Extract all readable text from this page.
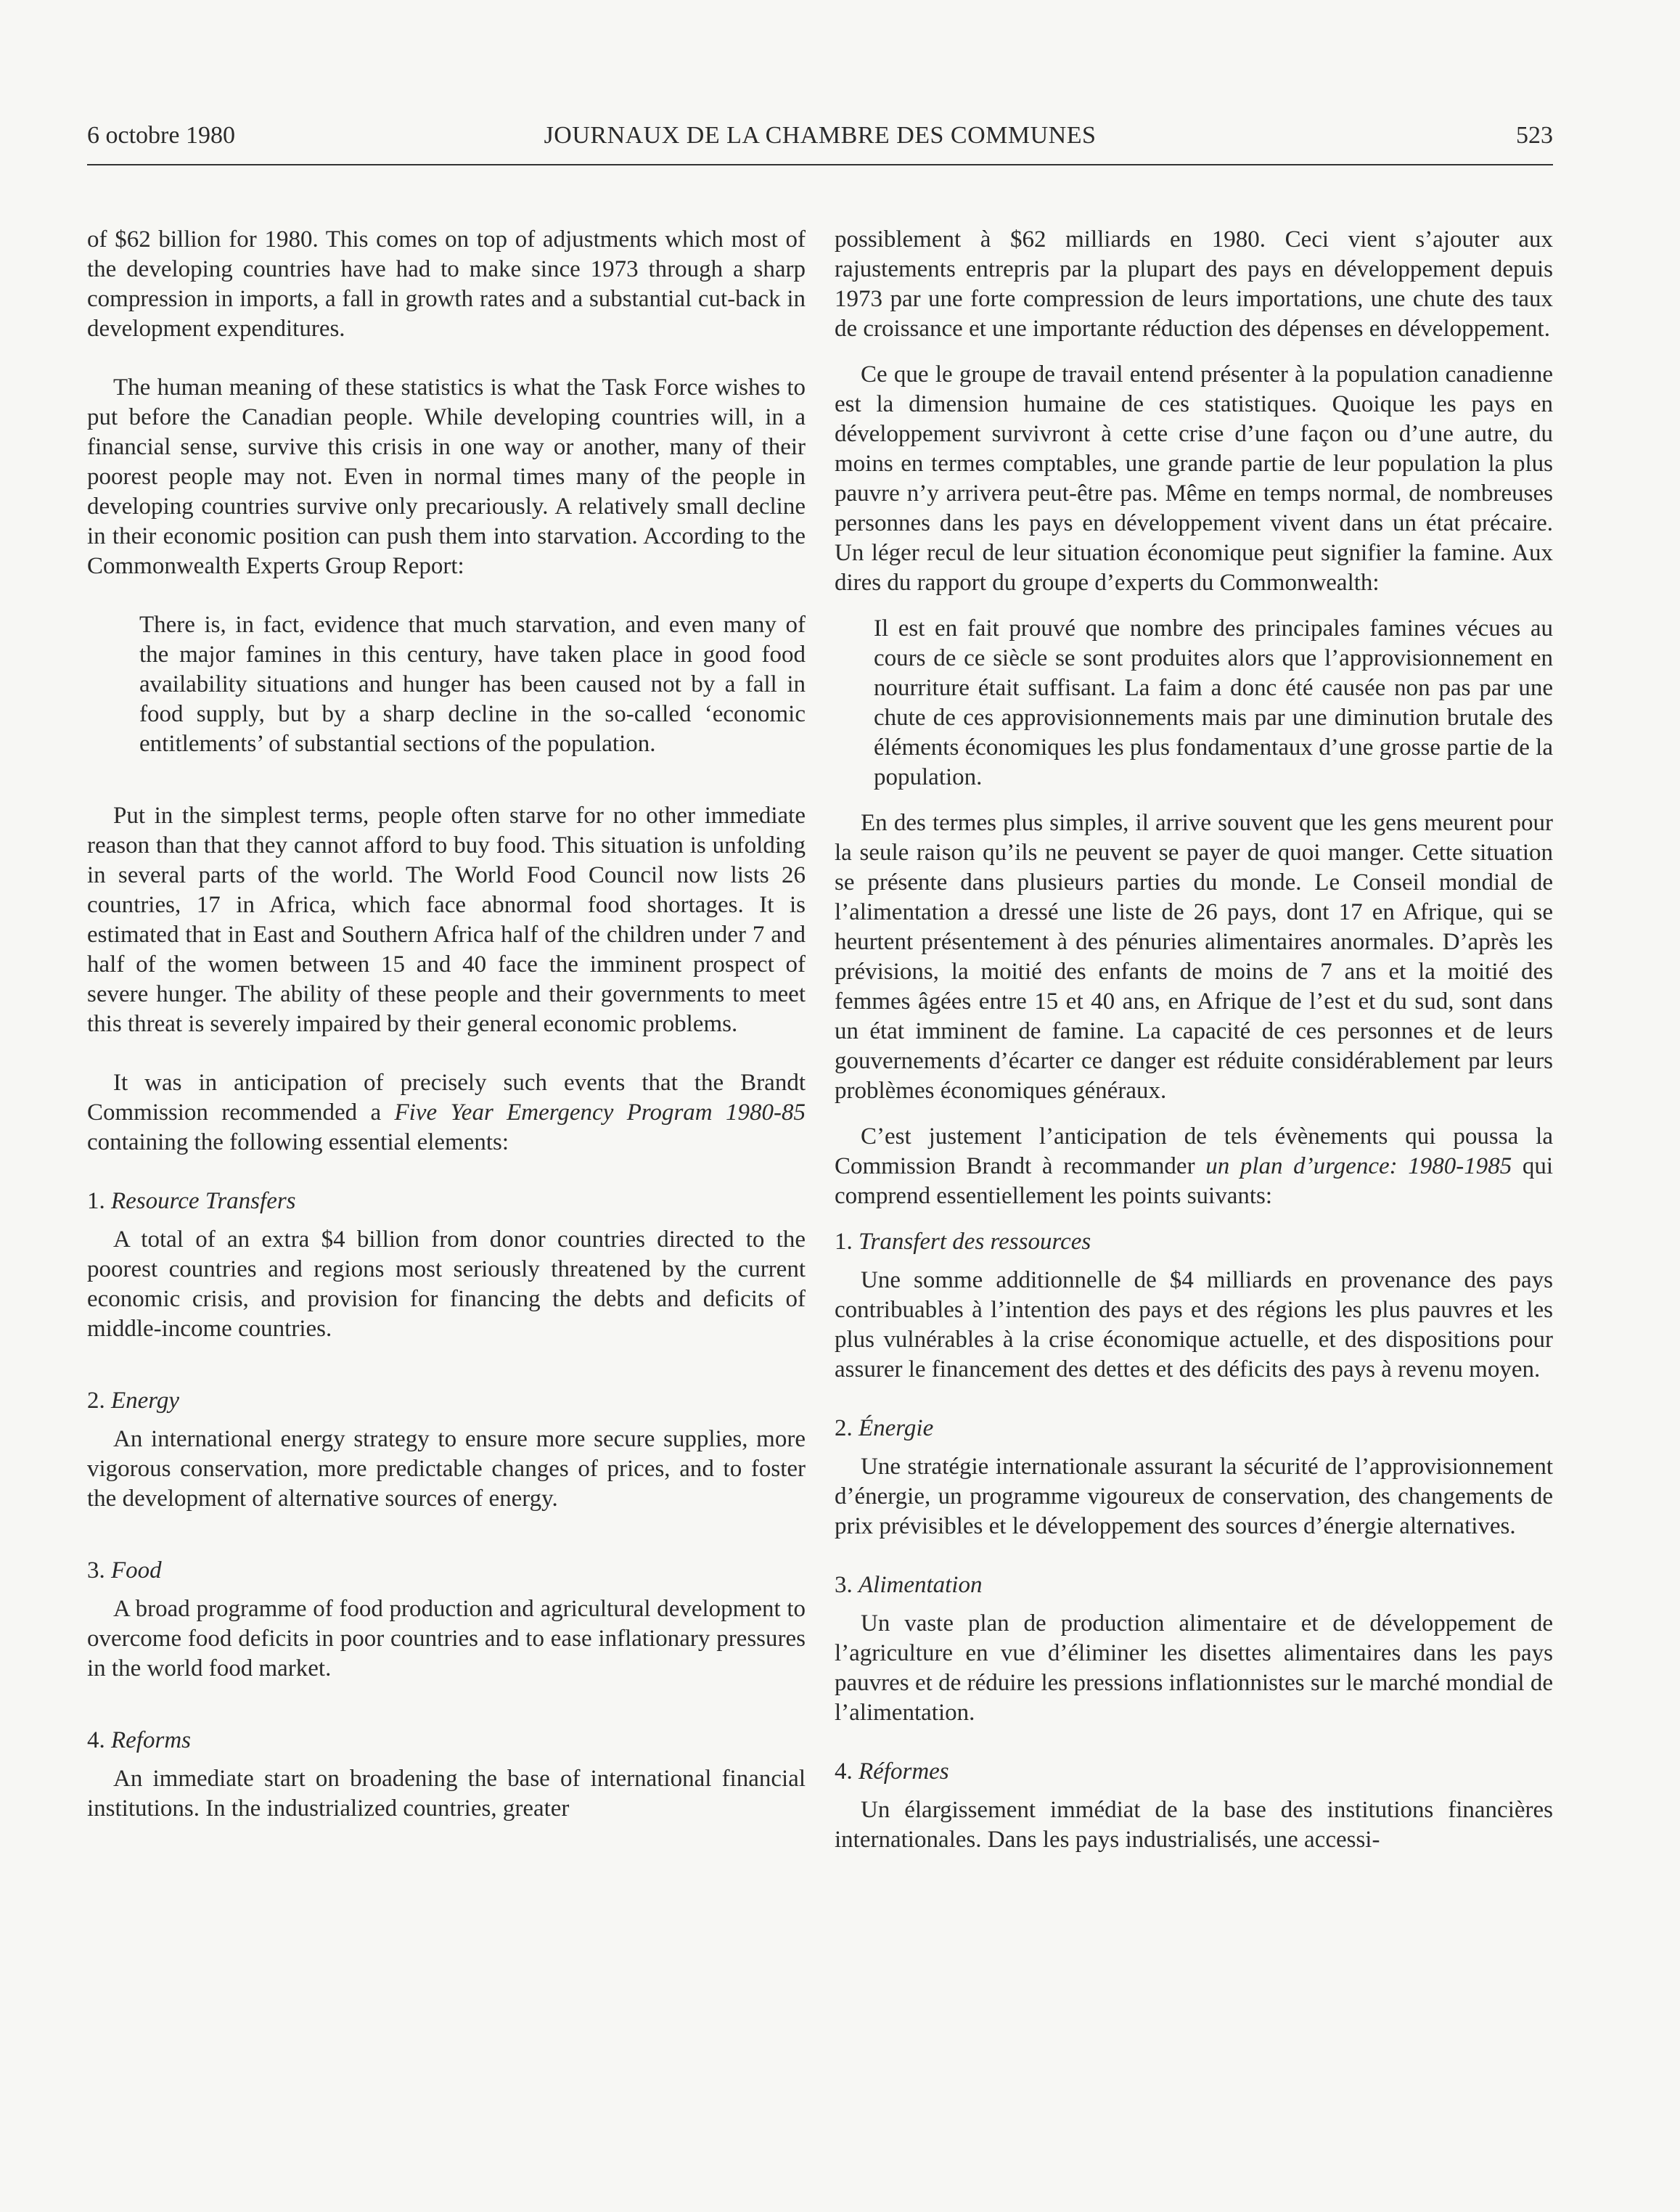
6 octobre 1980	JOURNAUX DE LA CHAMBRE DES COMMUNES	523

of $62 billion for 1980. This comes on top of adjustments which most of the developing countries have had to make since 1973 through a sharp compression in imports, a fall in growth rates and a substantial cut-back in development expenditures.

The human meaning of these statistics is what the Task Force wishes to put before the Canadian people. While developing countries will, in a financial sense, survive this crisis in one way or another, many of their poorest people may not. Even in normal times many of the people in developing countries survive only precariously. A relatively small decline in their economic position can push them into starvation. According to the Commonwealth Experts Group Report:

There is, in fact, evidence that much starvation, and even many of the major famines in this century, have taken place in good food availability situations and hunger has been caused not by a fall in food supply, but by a sharp decline in the so-called ‘economic entitlements’ of substantial sections of the population.

Put in the simplest terms, people often starve for no other immediate reason than that they cannot afford to buy food. This situation is unfolding in several parts of the world. The World Food Council now lists 26 countries, 17 in Africa, which face abnormal food shortages. It is estimated that in East and Southern Africa half of the children under 7 and half of the women between 15 and 40 face the imminent prospect of severe hunger. The ability of these people and their governments to meet this threat is severely impaired by their general economic problems.

It was in anticipation of precisely such events that the Brandt Commission recommended a Five Year Emergency Program 1980-85 containing the following essential elements:

1. Resource Transfers
A total of an extra $4 billion from donor countries directed to the poorest countries and regions most seriously threatened by the current economic crisis, and provision for financing the debts and deficits of middle-income countries.
2. Energy
An international energy strategy to ensure more secure supplies, more vigorous conservation, more predictable changes of prices, and to foster the development of alternative sources of energy.
3. Food
A broad programme of food production and agricultural development to overcome food deficits in poor countries and to ease inflationary pressures in the world food market.
4. Reforms
An immediate start on broadening the base of international financial institutions. In the industrialized countries, greater

possiblement à $62 milliards en 1980. Ceci vient s’ajouter aux rajustements entrepris par la plupart des pays en développement depuis 1973 par une forte compression de leurs importations, une chute des taux de croissance et une importante réduction des dépenses en développement.

Ce que le groupe de travail entend présenter à la population canadienne est la dimension humaine de ces statistiques. Quoique les pays en développement survivront à cette crise d’une façon ou d’une autre, du moins en termes comptables, une grande partie de leur population la plus pauvre n’y arrivera peut-être pas. Même en temps normal, de nombreuses personnes dans les pays en développement vivent dans un état précaire. Un léger recul de leur situation économique peut signifier la famine. Aux dires du rapport du groupe d’experts du Commonwealth:

Il est en fait prouvé que nombre des principales famines vécues au cours de ce siècle se sont produites alors que l’approvisionnement en nourriture était suffisant. La faim a donc été causée non pas par une chute de ces approvisionnements mais par une diminution brutale des éléments économiques les plus fondamentaux d’une grosse partie de la population.

En des termes plus simples, il arrive souvent que les gens meurent pour la seule raison qu’ils ne peuvent se payer de quoi manger. Cette situation se présente dans plusieurs parties du monde. Le Conseil mondial de l’alimentation a dressé une liste de 26 pays, dont 17 en Afrique, qui se heurtent présentement à des pénuries alimentaires anormales. D’après les prévisions, la moitié des enfants de moins de 7 ans et la moitié des femmes âgées entre 15 et 40 ans, en Afrique de l’est et du sud, sont dans un état imminent de famine. La capacité de ces personnes et de leurs gouvernements d’écarter ce danger est réduite considérablement par leurs problèmes économiques généraux.

C’est justement l’anticipation de tels évènements qui poussa la Commission Brandt à recommander un plan d’urgence: 1980-1985 qui comprend essentiellement les points suivants:

1. Transfert des ressources
Une somme additionnelle de $4 milliards en provenance des pays contribuables à l’intention des pays et des régions les plus pauvres et les plus vulnérables à la crise économique actuelle, et des dispositions pour assurer le financement des dettes et des déficits des pays à revenu moyen.
2. Énergie
Une stratégie internationale assurant la sécurité de l’approvisionnement d’énergie, un programme vigoureux de conservation, des changements de prix prévisibles et le développement des sources d’énergie alternatives.
3. Alimentation
Un vaste plan de production alimentaire et de développement de l’agriculture en vue d’éliminer les disettes alimentaires dans les pays pauvres et de réduire les pressions inflationnistes sur le marché mondial de l’alimentation.
4. Réformes
Un élargissement immédiat de la base des institutions financières internationales. Dans les pays industrialisés, une accessi-
